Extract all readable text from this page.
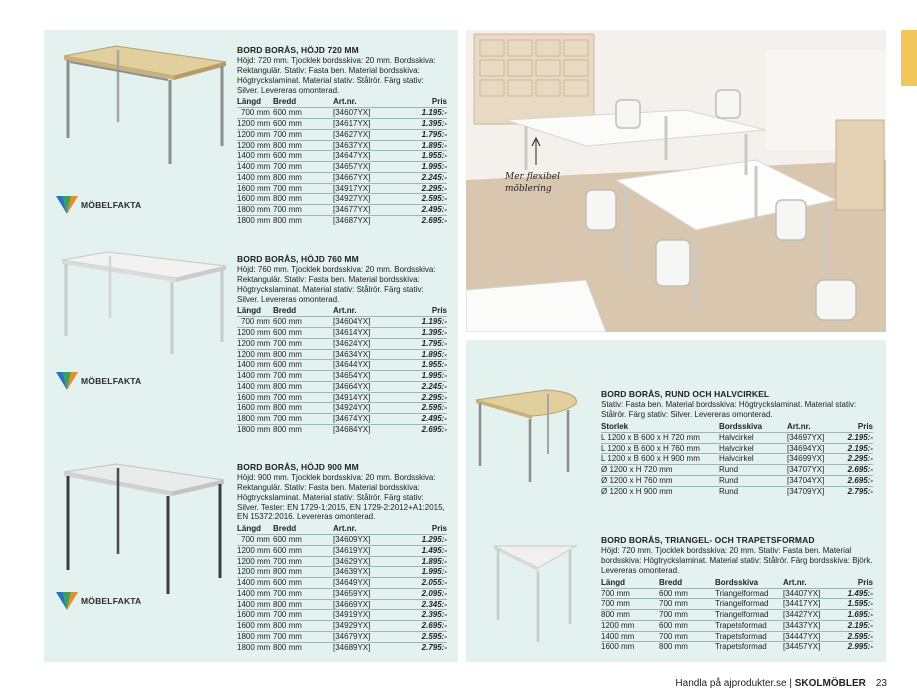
Mer flexibel
möblering
MÖBELFAKTA
MÖBELFAKTA
MÖBELFAKTA
BORD BORÅS, HÖJD 720 MM

Höjd: 720 mm. Tjocklek bordsskiva: 20 mm. Bordsskiva: Rektangulär. Stativ: Fasta ben. Material bordsskiva: Högtryckslaminat. Material stativ: Stålrör. Färg stativ: Silver. Levereras omonterad.

Längd	Bredd	Art.nr.	Pris
700 mm	600 mm	[34607YX]	1.195:-
1200 mm	600 mm	[34617YX]	1.395:-
1200 mm	700 mm	[34627YX]	1.795:-
1200 mm	800 mm	[34637YX]	1.895:-
1400 mm	600 mm	[34647YX]	1.955:-
1400 mm	700 mm	[34657YX]	1.995:-
1400 mm	800 mm	[34667YX]	2.245:-
1600 mm	700 mm	[34917YX]	2.295:-
1600 mm	800 mm	[34927YX]	2.595:-
1800 mm	700 mm	[34677YX]	2.495:-
1800 mm	800 mm	[34687YX]	2.695:-
BORD BORÅS, HÖJD 760 MM

Höjd: 760 mm. Tjocklek bordsskiva: 20 mm. Bordsskiva: Rektangulär. Stativ: Fasta ben. Material bordsskiva: Högtryckslaminat. Material stativ: Stålrör. Färg stativ: Silver. Levereras omonterad.

Längd	Bredd	Art.nr.	Pris
700 mm	600 mm	[34604YX]	1.195:-
1200 mm	600 mm	[34614YX]	1.395:-
1200 mm	700 mm	[34624YX]	1.795:-
1200 mm	800 mm	[34634YX]	1.895:-
1400 mm	600 mm	[34644YX]	1.955:-
1400 mm	700 mm	[34654YX]	1.995:-
1400 mm	800 mm	[34664YX]	2.245:-
1600 mm	700 mm	[34914YX]	2.295:-
1600 mm	800 mm	[34924YX]	2.595:-
1800 mm	700 mm	[34674YX]	2.495:-
1800 mm	800 mm	[34684YX]	2.695:-
BORD BORÅS, HÖJD 900 MM

Höjd: 900 mm. Tjocklek bordsskiva: 20 mm. Bordsskiva: Rektangulär. Stativ: Fasta ben. Material bordsskiva: Högtryckslaminat. Material stativ: Stålrör. Färg stativ: Silver. Tester: EN 1729-1:2015, EN 1729-2:2012+A1:2015, EN 15372:2016. Levereras omonterad.

Längd	Bredd	Art.nr.	Pris
700 mm	600 mm	[34609YX]	1.295:-
1200 mm	600 mm	[34619YX]	1.495:-
1200 mm	700 mm	[34629YX]	1.895:-
1200 mm	800 mm	[34639YX]	1.995:-
1400 mm	600 mm	[34649YX]	2.055:-
1400 mm	700 mm	[34659YX]	2.095:-
1400 mm	800 mm	[34669YX]	2.345:-
1600 mm	700 mm	[34919YX]	2.395:-
1600 mm	800 mm	[34929YX]	2.695:-
1800 mm	700 mm	[34679YX]	2.595:-
1800 mm	800 mm	[34689YX]	2.795:-
BORD BORÅS, RUND OCH HALVCIRKEL

Stativ: Fasta ben. Material bordsskiva: Högtryckslaminat. Material stativ: Stålrör. Färg stativ: Silver. Levereras omonterad.

Storlek	Bordsskiva	Art.nr.	Pris
L 1200 x B 600 x H 720 mm	Halvcirkel	[34697YX]	2.195:-
L 1200 x B 600 x H 760 mm	Halvcirkel	[34694YX]	2.195:-
L 1200 x B 600 x H 900 mm	Halvcirkel	[34699YX]	2.295:-
Ø 1200 x H 720 mm	Rund	[34707YX]	2.695:-
Ø 1200 x H 760 mm	Rund	[34704YX]	2.695:-
Ø 1200 x H 900 mm	Rund	[34709YX]	2.795:-
BORD BORÅS, TRIANGEL- OCH TRAPETSFORMAD

Höjd: 720 mm. Tjocklek bordsskiva: 20 mm. Stativ: Fasta ben. Material bordsskiva: Högtryckslaminat. Material stativ: Stålrör. Färg bordsskiva: Björk. Levereras omonterad.

Längd	Bredd	Bordsskiva	Art.nr.	Pris
700 mm	600 mm	Triangelformad	[34407YX]	1.495:-
700 mm	700 mm	Triangelformad	[34417YX]	1.595:-
800 mm	700 mm	Triangelformad	[34427YX]	1.695:-
1200 mm	600 mm	Trapetsformad	[34437YX]	2.195:-
1400 mm	700 mm	Trapetsformad	[34447YX]	2.595:-
1600 mm	800 mm	Trapetsformad	[34457YX]	2.995:-
Handla på ajprodukter.se | SKOLMÖBLER 23
